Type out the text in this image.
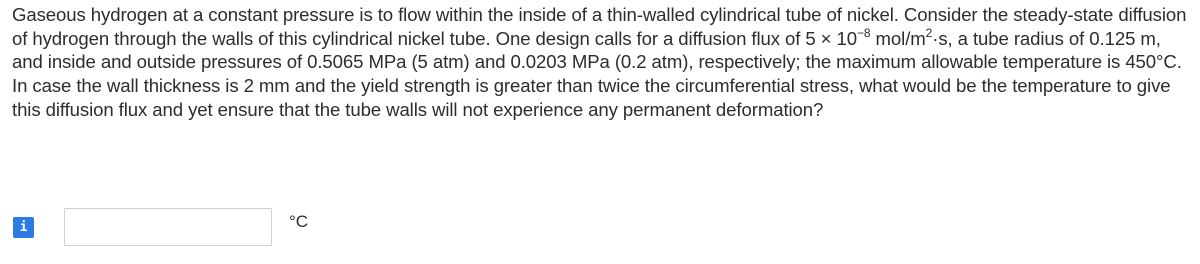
Gaseous hydrogen at a constant pressure is to flow within the inside of a thin-walled cylindrical tube of nickel. Consider the steady-state diffusion of hydrogen through the walls of this cylindrical nickel tube. One design calls for a diffusion flux of $5 \times 10^{-8}$ mol/$m^2\cdot s$, a tube radius of 0.125 m, and inside and outside pressures of 0.5065 MPa (5 atm) and 0.0203 MPa (0.2 atm), respectively; the maximum allowable temperature is 450°C. In case the wall thickness is 2 mm and the yield strength is greater than twice the circumferential stress, what would be the temperature to give this diffusion flux and yet ensure that the tube walls will not experience any permanent deformation?

i	°C
